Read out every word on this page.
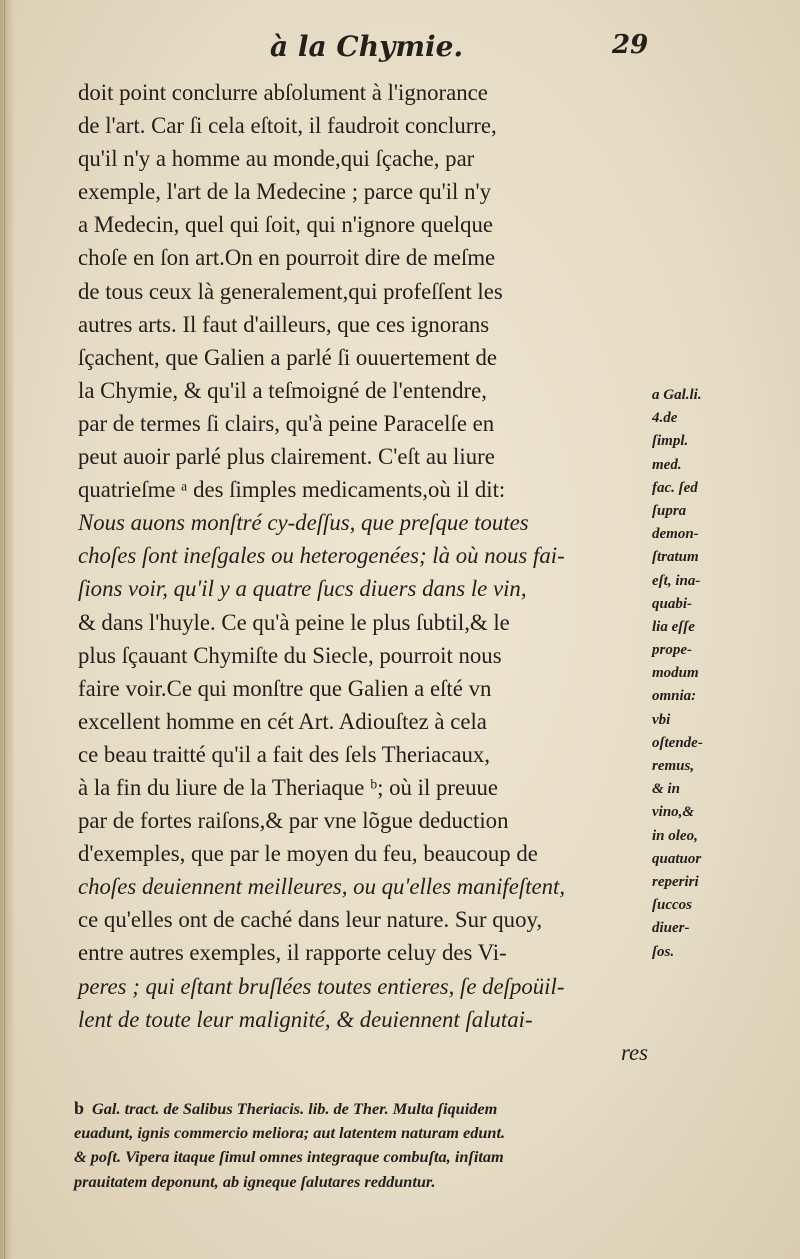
à la Chymie.	29
doit point conclurre abſolument à l'ignorance
de l'art. Car ſi cela eſtoit, il faudroit conclurre,
qu'il n'y a homme au monde,qui ſçache, par
exemple, l'art de la Medecine ; parce qu'il n'y
a Medecin, quel qui ſoit, qui n'ignore quelque
choſe en ſon art.On en pourroit dire de meſme
de tous ceux là generalement,qui profeſſent les
autres arts. Il faut d'ailleurs, que ces ignorans
ſçachent, que Galien a parlé ſi ouuertement de
la Chymie, & qu'il a teſmoigné de l'entendre,
par de termes ſi clairs, qu'à peine Paracelſe en
peut auoir parlé plus clairement. C'eſt au liure
quatrieſme ᵃ des ſimples medicaments,où il dit:
Nous auons monſtré cy-deſſus, que preſque toutes
choſes ſont ineſgales ou heterogenées; là où nous fai-
ſions voir, qu'il y a quatre ſucs diuers dans le vin,
& dans l'huyle. Ce qu'à peine le plus ſubtil,& le
plus ſçauant Chymiſte du Siecle, pourroit nous
faire voir.Ce qui monſtre que Galien a eſté vn
excellent homme en cét Art. Adiouſtez à cela
ce beau traitté qu'il a fait des ſels Theriacaux,
à la fin du liure de la Theriaque ᵇ; où il preuue
par de fortes raiſons,& par vne lõgue deduction
d'exemples, que par le moyen du feu, beaucoup de
choſes deuiennent meilleures, ou qu'elles manifeſtent,
ce qu'elles ont de caché dans leur nature. Sur quoy,
entre autres exemples, il rapporte celuy des Vi-
peres ; qui eſtant bruſlées toutes entieres, ſe deſpoüil-
lent de toute leur malignité, & deuiennent ſalutai-
res
a Gal.li.
4.de
ſimpl.
med.
fac. ſed
ſupra
demon-
ſtratum
eſt, ina-
quabi-
lia eſſe
prope-
modum
omnia:
vbi
oſtende-
remus,
& in
vino,&
in oleo,
quatuor
reperiri
ſuccos
diuer-
ſos.
b Gal. tract. de Salibus Theriacis. lib. de Ther. Multa ſiquidem
euadunt, ignis commercio meliora; aut latentem naturam edunt.
& poſt. Vipera itaque ſimul omnes integraque combuſta, inſitam
prauitatem deponunt, ab igneque ſalutares redduntur.
